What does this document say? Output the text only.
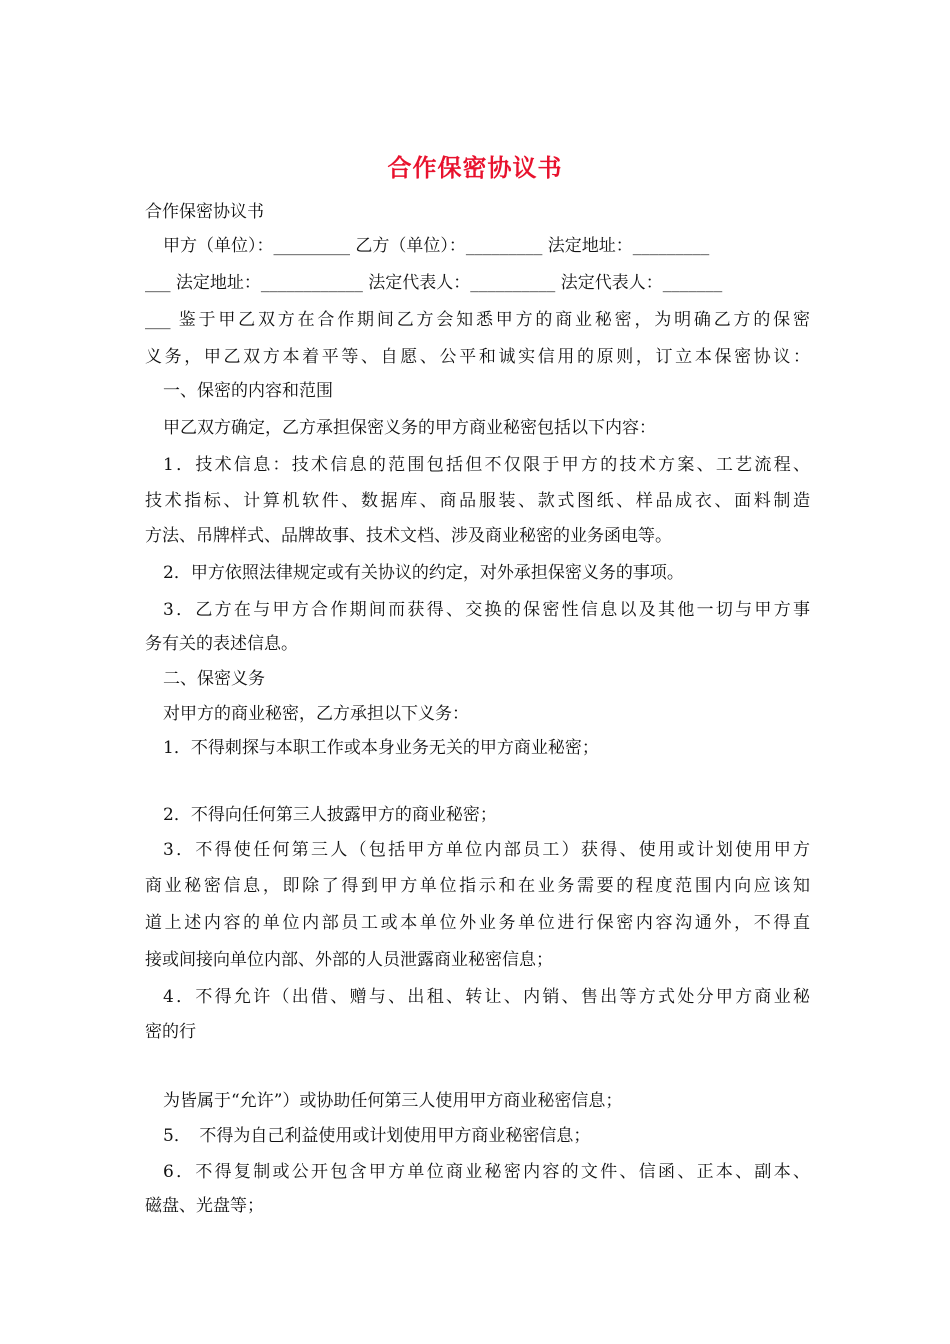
合作保密协议书
合作保密协议书
甲方（单位）：_________ 乙方（单位）：_________ 法定地址：_________
___ 法定地址：____________ 法定代表人：__________ 法定代表人：_______
___ 鉴于甲乙双方在合作期间乙方会知悉甲方的商业秘密，为明确乙方的保密
义务，甲乙双方本着平等、自愿、公平和诚实信用的原则，订立本保密协议：
一、保密的内容和范围
甲乙双方确定，乙方承担保密义务的甲方商业秘密包括以下内容：
1．技术信息：技术信息的范围包括但不仅限于甲方的技术方案、工艺流程、
技术指标、计算机软件、数据库、商品服装、款式图纸、样品成衣、面料制造
方法、吊牌样式、品牌故事、技术文档、涉及商业秘密的业务函电等。
2．甲方依照法律规定或有关协议的约定，对外承担保密义务的事项。
3．乙方在与甲方合作期间而获得、交换的保密性信息以及其他一切与甲方事
务有关的表述信息。
二、保密义务
对甲方的商业秘密，乙方承担以下义务：
1．不得刺探与本职工作或本身业务无关的甲方商业秘密；
2．不得向任何第三人披露甲方的商业秘密；
3．不得使任何第三人（包括甲方单位内部员工）获得、使用或计划使用甲方
商业秘密信息，即除了得到甲方单位指示和在业务需要的程度范围内向应该知
道上述内容的单位内部员工或本单位外业务单位进行保密内容沟通外，不得直
接或间接向单位内部、外部的人员泄露商业秘密信息；
4．不得允许（出借、赠与、出租、转让、内销、售出等方式处分甲方商业秘
密的行
为皆属于“允许”）或协助任何第三人使用甲方商业秘密信息；
5．　不得为自己利益使用或计划使用甲方商业秘密信息；
6．不得复制或公开包含甲方单位商业秘密内容的文件、信函、正本、副本、
磁盘、光盘等；
